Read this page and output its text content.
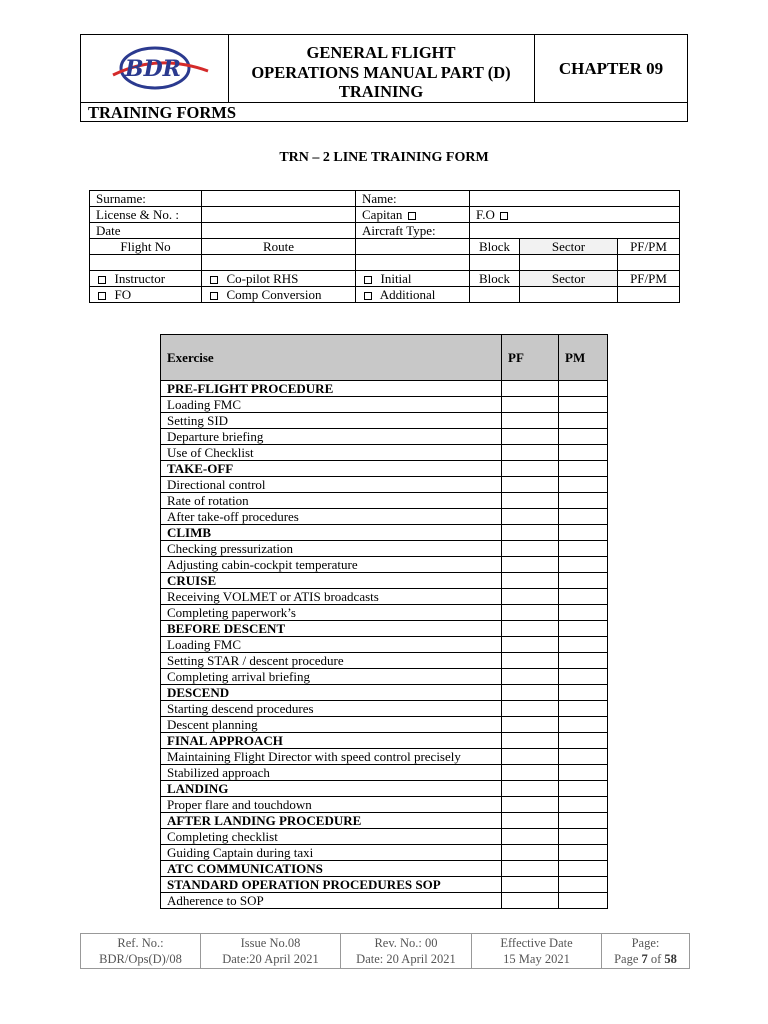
BDR
GENERAL FLIGHT
OPERATIONS MANUAL PART (D)
TRAINING
CHAPTER 09
TRAINING FORMS
TRN – 2 LINE TRAINING FORM
Surname:		Name:			
License & No. :		Capitan	F.O		
Date		Aircraft Type:			
Flight No	Route		Block	Sector	PF/PM

Instructor	Co-pilot RHS	Initial	Block	Sector	PF/PM
FO	Comp Conversion	Additional			
Exercise	PF	PM
PRE-FLIGHT PROCEDURE		
Loading FMC		
Setting SID		
Departure briefing		
Use of Checklist		
TAKE-OFF		
Directional control		
Rate of rotation		
After take-off procedures		
CLIMB		
Checking pressurization		
Adjusting cabin-cockpit temperature		
CRUISE		
Receiving VOLMET or ATIS broadcasts		
Completing paperwork’s		
BEFORE DESCENT		
Loading FMC		
Setting STAR / descent procedure		
Completing arrival briefing		
DESCEND		
Starting descend procedures		
Descent planning		
FINAL APPROACH		
Maintaining Flight Director with speed control precisely		
Stabilized approach		
LANDING		
Proper flare and touchdown		
AFTER LANDING PROCEDURE		
Completing checklist		
Guiding Captain during taxi		
ATC COMMUNICATIONS		
STANDARD OPERATION PROCEDURES SOP		
Adherence to SOP		
Ref. No.:
BDR/Ops(D)/08

Issue No.08
Date:20 April 2021

Rev. No.: 00
Date: 20 April 2021

Effective Date
15 May 2021

Page:
Page 7 of 58
